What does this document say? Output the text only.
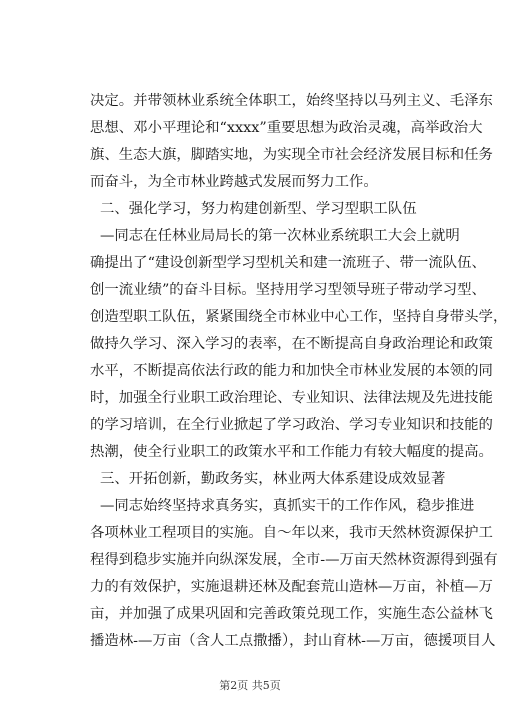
决定。并带领林业系统全体职工，始终坚持以马列主义、毛泽东
思想、邓小平理论和“xxxx”重要思想为政治灵魂，高举政治大
旗、生态大旗，脚踏实地，为实现全市社会经济发展目标和任务
而奋斗，为全市林业跨越式发展而努力工作。
二、强化学习，努力构建创新型、学习型职工队伍
—同志在任林业局局长的第一次林业系统职工大会上就明
确提出了“建设创新型学习型机关和建一流班子、带一流队伍、
创一流业绩”的奋斗目标。坚持用学习型领导班子带动学习型、
创造型职工队伍，紧紧围绕全市林业中心工作，坚持自身带头学，
做持久学习、深入学习的表率，在不断提高自身政治理论和政策
水平，不断提高依法行政的能力和加快全市林业发展的本领的同
时，加强全行业职工政治理论、专业知识、法律法规及先进技能
的学习培训，在全行业掀起了学习政治、学习专业知识和技能的
热潮，使全行业职工的政策水平和工作能力有较大幅度的提高。
三、开拓创新，勤政务实，林业两大体系建设成效显著
—同志始终坚持求真务实，真抓实干的工作作风，稳步推进
各项林业工程项目的实施。自～年以来，我市天然林资源保护工
程得到稳步实施并向纵深发展，全市-—万亩天然林资源得到强有
力的有效保护，实施退耕还林及配套荒山造林—万亩，补植—万
亩，并加强了成果巩固和完善政策兑现工作，实施生态公益林飞
播造林-—万亩（含人工点撒播），封山育林-—万亩，德援项目人
第2页 共5页
